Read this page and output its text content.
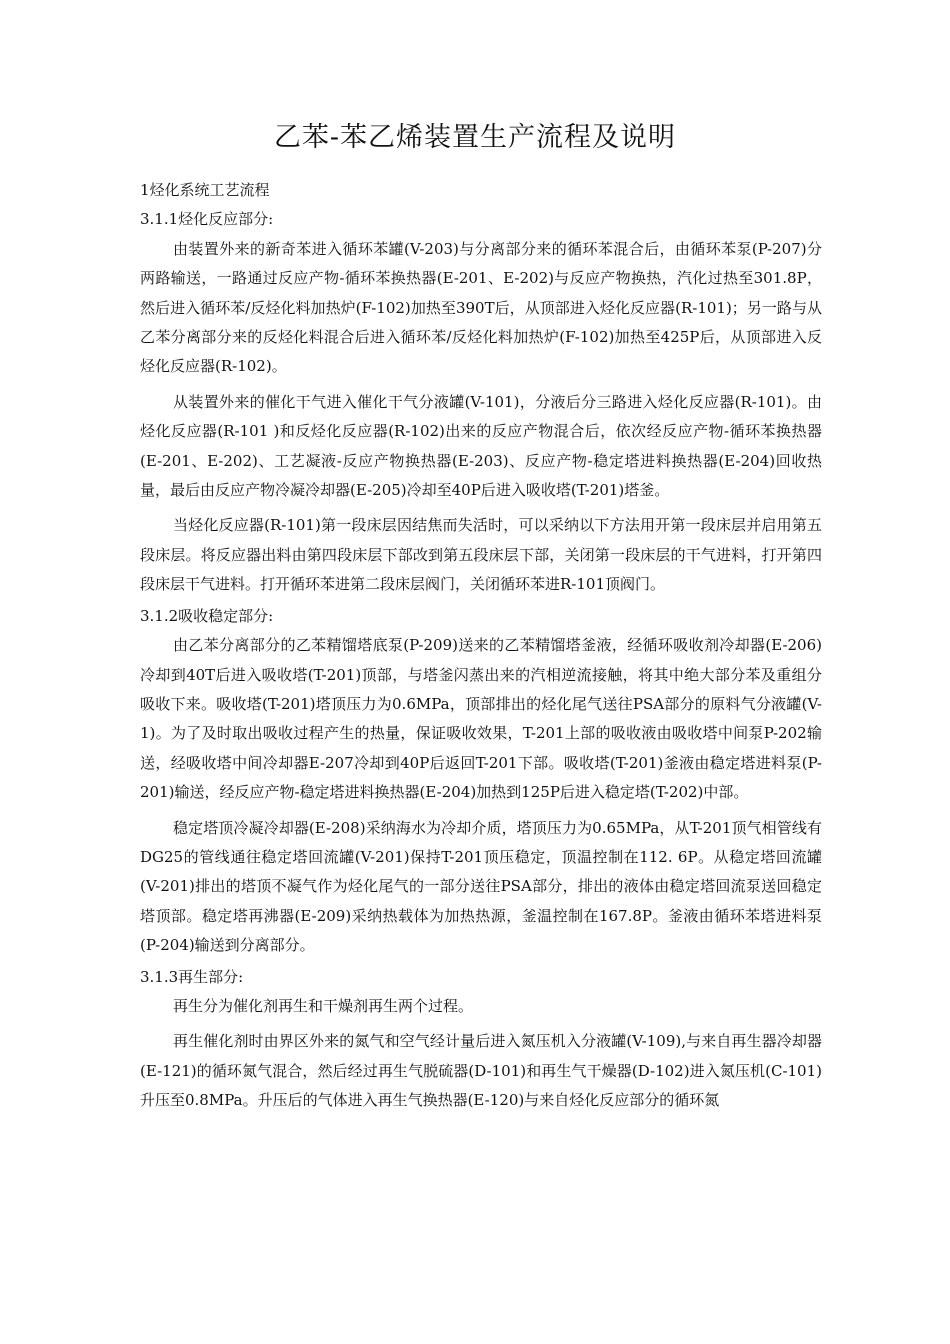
乙苯-苯乙烯装置生产流程及说明

1烃化系统工艺流程

3.1.1烃化反应部分:

由装置外来的新奇苯进入循环苯罐(V-203)与分离部分来的循环苯混合后，由循环苯泵(P-207)分两路输送，一路通过反应产物-循环苯换热器(E-201、E-202)与反应产物换热，汽化过热至301.8P，然后进入循环苯/反烃化料加热炉(F-102)加热至390T后，从顶部进入烃化反应器(R-101)；另一路与从乙苯分离部分来的反烃化料混合后进入循环苯/反烃化料加热炉(F-102)加热至425P后，从顶部进入反烃化反应器(R-102)。

从装置外来的催化干气进入催化干气分液罐(V-101)，分液后分三路进入烃化反应器(R-101)。由烃化反应器(R-101 )和反烃化反应器(R-102)出来的反应产物混合后，依次经反应产物-循环苯换热器(E-201、E-202)、工艺凝液-反应产物换热器(E-203)、反应产物-稳定塔进料换热器(E-204)回收热量，最后由反应产物冷凝冷却器(E-205)冷却至40P后进入吸收塔(T-201)塔釜。

当烃化反应器(R-101)第一段床层因结焦而失活时，可以采纳以下方法用开第一段床层并启用第五段床层。将反应器出料由第四段床层下部改到第五段床层下部，关闭第一段床层的干气进料，打开第四段床层干气进料。打开循环苯进第二段床层阀门，关闭循环苯进R-101顶阀门。

3.1.2吸收稳定部分:

由乙苯分离部分的乙苯精馏塔底泵(P-209)送来的乙苯精馏塔釜液，经循环吸收剂冷却器(E-206)冷却到40T后进入吸收塔(T-201)顶部，与塔釜闪蒸出来的汽相逆流接触，将其中绝大部分苯及重组分吸收下来。吸收塔(T-201)塔顶压力为0.6MPa，顶部排出的烃化尾气送往PSA部分的原料气分液罐(V-1)。为了及时取出吸收过程产生的热量，保证吸收效果，T-201上部的吸收液由吸收塔中间泵P-202输送，经吸收塔中间冷却器E-207冷却到40P后返回T-201下部。吸收塔(T-201)釜液由稳定塔进料泵(P-201)输送，经反应产物-稳定塔进料换热器(E-204)加热到125P后进入稳定塔(T-202)中部。

稳定塔顶冷凝冷却器(E-208)采纳海水为冷却介质，塔顶压力为0.65MPa，从T-201顶气相管线有DG25的管线通往稳定塔回流罐(V-201)保持T-201顶压稳定，顶温控制在112. 6P。从稳定塔回流罐(V-201)排出的塔顶不凝气作为烃化尾气的一部分送往PSA部分，排出的液体由稳定塔回流泵送回稳定塔顶部。稳定塔再沸器(E-209)采纳热载体为加热热源，釜温控制在167.8P。釜液由循环苯塔进料泵(P-204)输送到分离部分。

3.1.3再生部分:

再生分为催化剂再生和干燥剂再生两个过程。

再生催化剂时由界区外来的氮气和空气经计量后进入氮压机入分液罐(V-109),与来自再生器冷却器(E-121)的循环氮气混合，然后经过再生气脱硫器(D-101)和再生气干燥器(D-102)进入氮压机(C-101)升压至0.8MPa。升压后的气体进入再生气换热器(E-120)与来自烃化反应部分的循环氮
